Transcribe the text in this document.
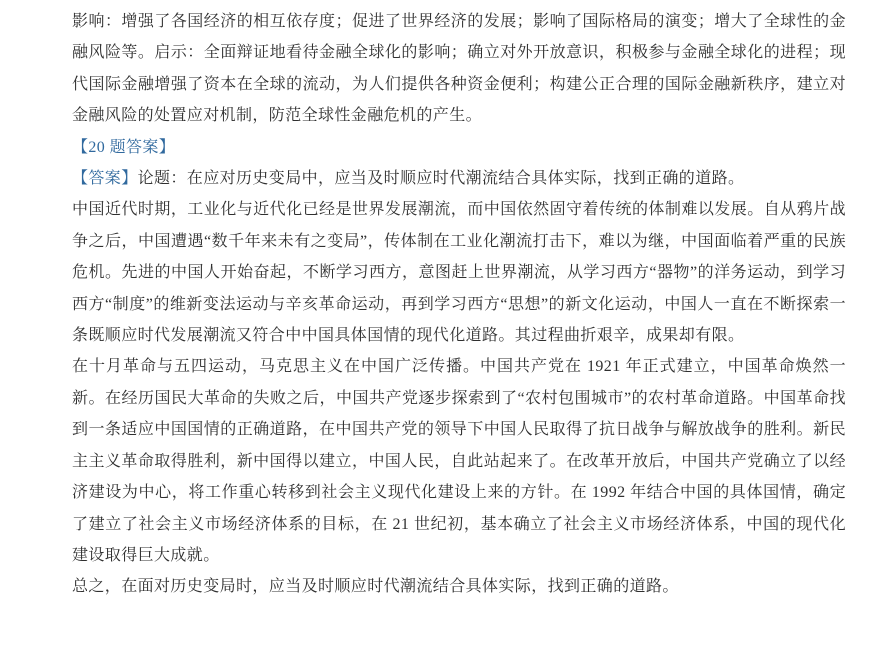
影响：增强了各国经济的相互依存度；促进了世界经济的发展；影响了国际格局的演变；增大了全球性的金融风险等。启示：全面辩证地看待金融全球化的影响；确立对外开放意识，积极参与金融全球化的进程；现代国际金融增强了资本在全球的流动，为人们提供各种资金便利；构建公正合理的国际金融新秩序，建立对金融风险的处置应对机制，防范全球性金融危机的产生。

【20 题答案】

【答案】论题：在应对历史变局中，应当及时顺应时代潮流结合具体实际，找到正确的道路。

中国近代时期，工业化与近代化已经是世界发展潮流，而中国依然固守着传统的体制难以发展。自从鸦片战争之后，中国遭遇“数千年来未有之变局”，传体制在工业化潮流打击下，难以为继，中国面临着严重的民族危机。先进的中国人开始奋起，不断学习西方，意图赶上世界潮流，从学习西方“器物”的洋务运动，到学习西方“制度”的维新变法运动与辛亥革命运动，再到学习西方“思想”的新文化运动，中国人一直在不断探索一条既顺应时代发展潮流又符合中中国具体国情的现代化道路。其过程曲折艰辛，成果却有限。

在十月革命与五四运动，马克思主义在中国广泛传播。中国共产党在 1921 年正式建立，中国革命焕然一新。在经历国民大革命的失败之后，中国共产党逐步探索到了“农村包围城市”的农村革命道路。中国革命找到一条适应中国国情的正确道路，在中国共产党的领导下中国人民取得了抗日战争与解放战争的胜利。新民主主义革命取得胜利，新中国得以建立，中国人民，自此站起来了。在改革开放后，中国共产党确立了以经济建设为中心，将工作重心转移到社会主义现代化建设上来的方针。在 1992 年结合中国的具体国情，确定了建立了社会主义市场经济体系的目标，在 21 世纪初，基本确立了社会主义市场经济体系，中国的现代化建设取得巨大成就。

总之，在面对历史变局时，应当及时顺应时代潮流结合具体实际，找到正确的道路。
